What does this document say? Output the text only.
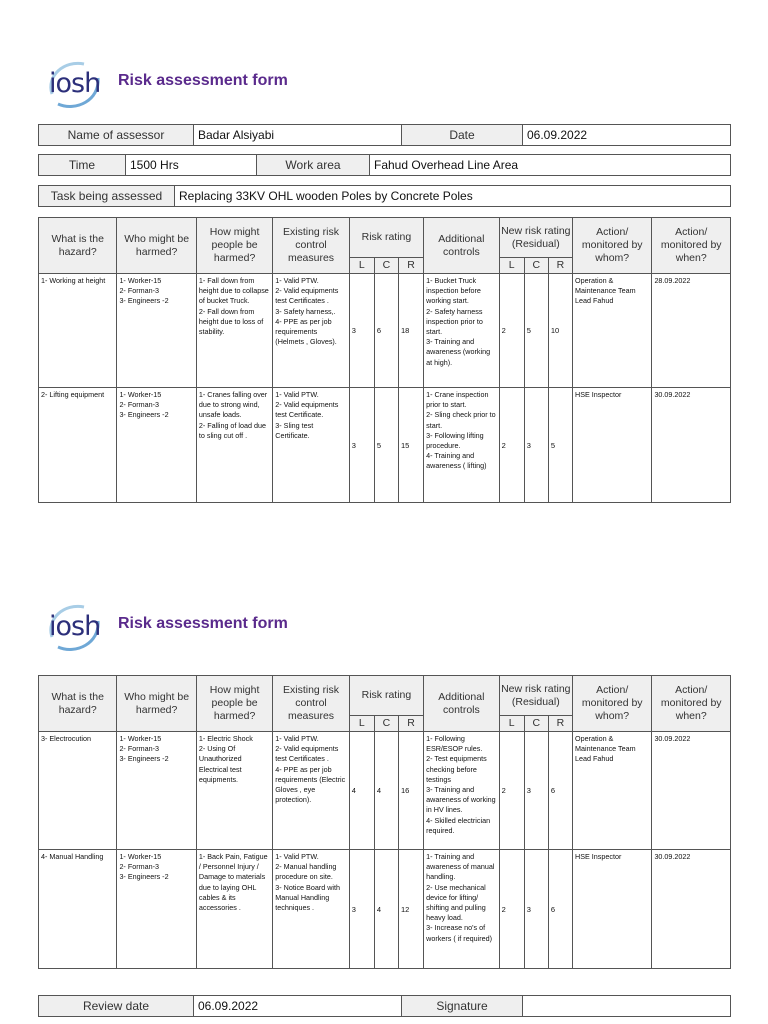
iosh Risk assessment form
Name of assessor	Badar Alsiyabi	Date	06.09.2022
Time	1500 Hrs	Work area	Fahud Overhead Line Area
Task being assessed	Replacing 33KV OHL wooden Poles by Concrete Poles
What is the hazard?	Who might be harmed?	How might people be harmed?	Existing risk control measures	Risk rating			Additional controls	New risk rating (Residual)			Action/ monitored by whom?	Action/ monitored by when?
				L	C	R		L	C	R		
1- Working at height	1- Worker-15
2- Forman-3
3- Engineers -2	1- Fall down from height due to collapse of bucket Truck.
2- Fall down from height due to loss of stability.	1- Valid PTW.
2- Valid equipments test Certificates .
3- Safety harness,.
4- PPE as per job requirements (Helmets , Gloves).	3	6	18	1- Bucket Truck inspection before working start.
2- Safety harness inspection prior to start.
3- Training and awareness (working at high).	2	5	10	Operation & Maintenance Team Lead Fahud	28.09.2022
2- Lifting equipment	1- Worker-15
2- Forman-3
3- Engineers -2	1- Cranes falling over due to strong wind, unsafe loads.
2- Falling of load due to sling cut off .	1- Valid PTW.
2- Valid equipments test Certificate.
3- Sling test Certificate.	3	5	15	1- Crane inspection prior to start.
2- Sling check prior to start.
3- Following lifting procedure.
4- Training and awareness ( lifting)	2	3	5	HSE Inspector	30.09.2022
iosh Risk assessment form
What is the hazard?	Who might be harmed?	How might people be harmed?	Existing risk control measures	Risk rating			Additional controls	New risk rating (Residual)			Action/ monitored by whom?	Action/ monitored by when?
				L	C	R		L	C	R		
3- Electrocution	1- Worker-15
2- Forman-3
3- Engineers -2	1- Electric Shock
2- Using Of Unauthorized Electrical test equipments.	1- Valid PTW.
2- Valid equipments test Certificates .
4- PPE as per job requirements (Electric Gloves , eye protection).	4	4	16	1- Following ESR/ESOP rules.
2- Test equipments checking before testings
3- Training and awareness of working in HV lines.
4- Skilled electrician required.	2	3	6	Operation & Maintenance Team Lead Fahud	30.09.2022
4- Manual Handling	1- Worker-15
2- Forman-3
3- Engineers -2	1- Back Pain, Fatigue / Personnel Injury / Damage to materials due to laying OHL cables & its accessories .	1- Valid PTW.
2- Manual handling procedure on site.
3- Notice Board with Manual Handling techniques .	3	4	12	1- Training and awareness of manual handling.
2- Use mechanical device for lifting/ shifting and pulling heavy load.
3- Increase no's of workers ( if required)	2	3	6	HSE Inspector	30.09.2022
Review date	06.09.2022	Signature	
